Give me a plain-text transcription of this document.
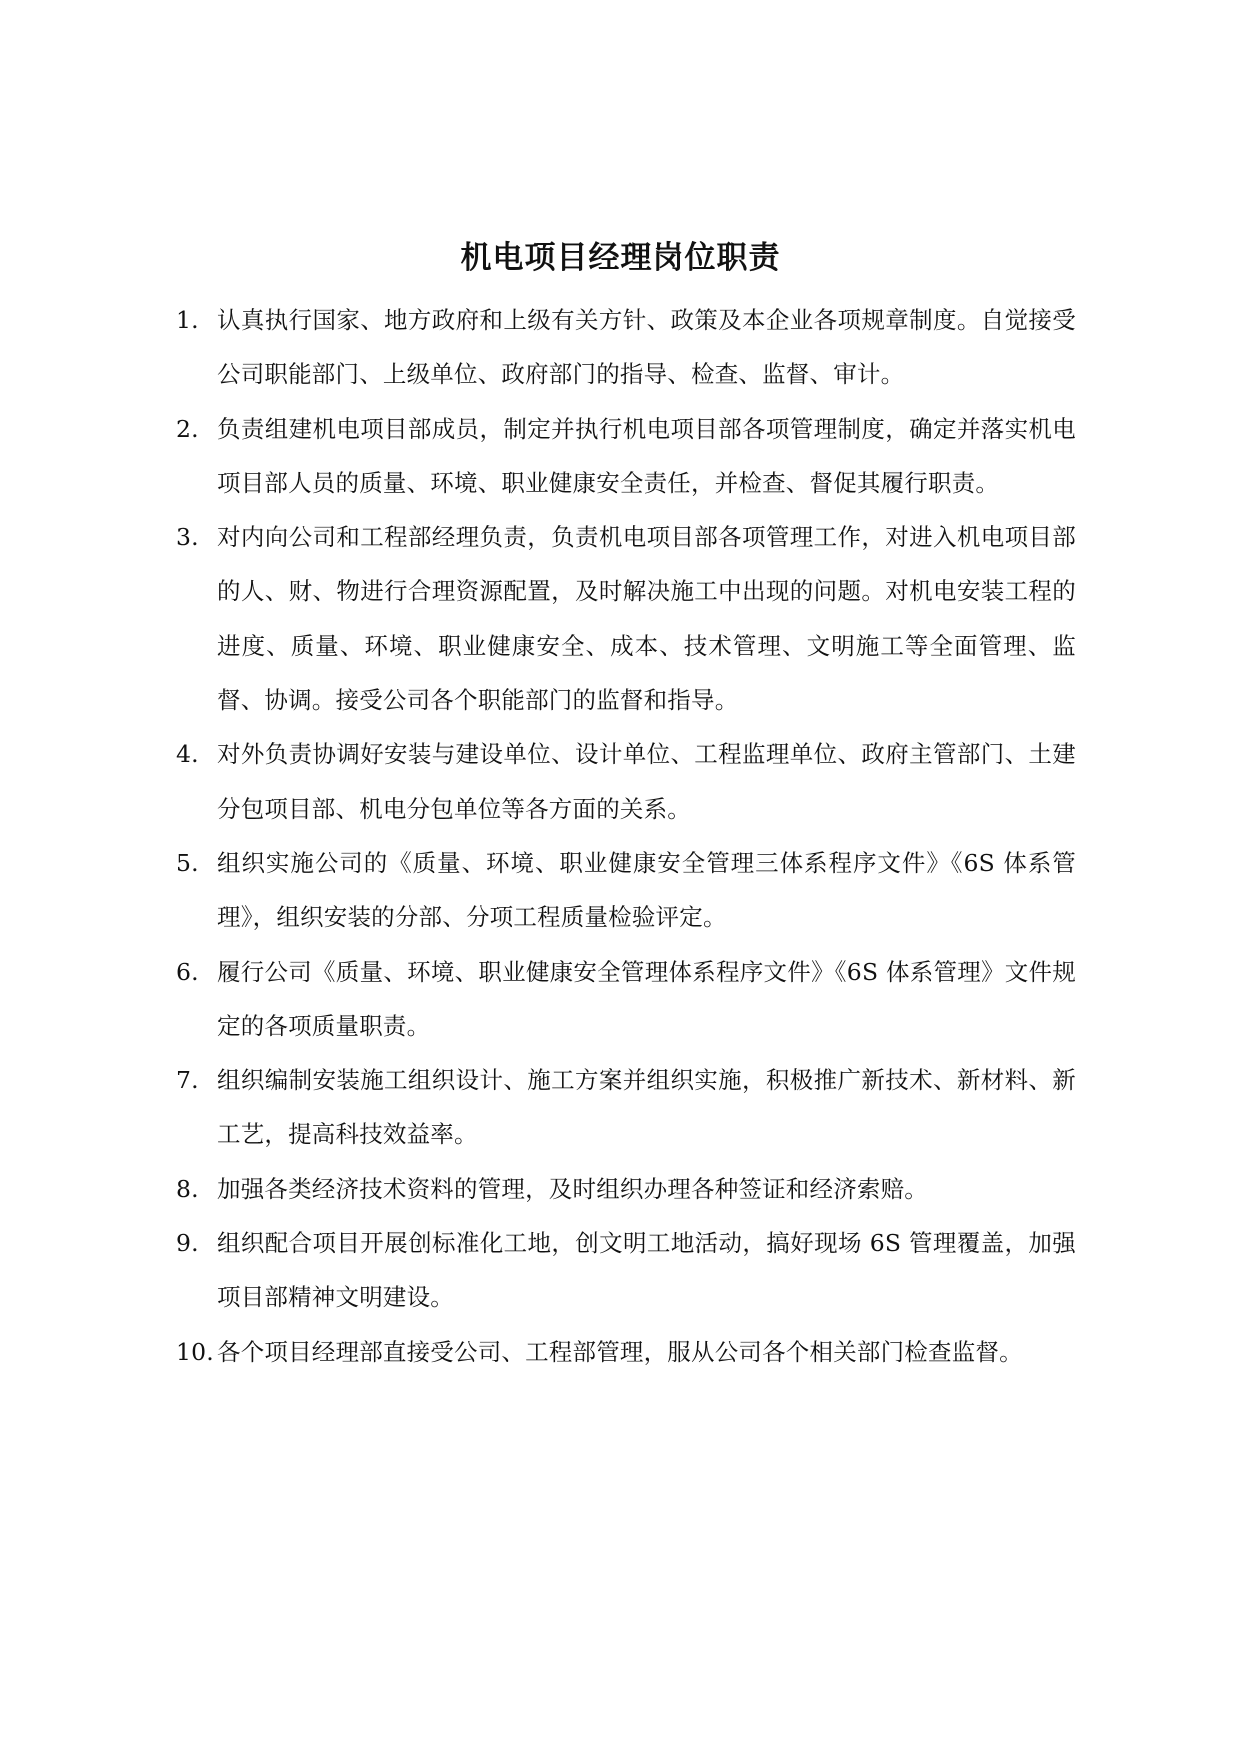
机电项目经理岗位职责
1. 认真执行国家、地方政府和上级有关方针、政策及本企业各项规章制度。自觉接受公司职能部门、上级单位、政府部门的指导、检查、监督、审计。
2. 负责组建机电项目部成员，制定并执行机电项目部各项管理制度，确定并落实机电项目部人员的质量、环境、职业健康安全责任，并检查、督促其履行职责。
3. 对内向公司和工程部经理负责，负责机电项目部各项管理工作，对进入机电项目部的人、财、物进行合理资源配置，及时解决施工中出现的问题。对机电安装工程的进度、质量、环境、职业健康安全、成本、技术管理、文明施工等全面管理、监督、协调。接受公司各个职能部门的监督和指导。
4. 对外负责协调好安装与建设单位、设计单位、工程监理单位、政府主管部门、土建分包项目部、机电分包单位等各方面的关系。
5. 组织实施公司的《质量、环境、职业健康安全管理三体系程序文件》《6S 体系管理》，组织安装的分部、分项工程质量检验评定。
6. 履行公司《质量、环境、职业健康安全管理体系程序文件》《6S 体系管理》文件规定的各项质量职责。
7. 组织编制安装施工组织设计、施工方案并组织实施，积极推广新技术、新材料、新工艺，提高科技效益率。
8. 加强各类经济技术资料的管理，及时组织办理各种签证和经济索赔。
9. 组织配合项目开展创标准化工地，创文明工地活动，搞好现场 6S 管理覆盖，加强项目部精神文明建设。
10. 各个项目经理部直接受公司、工程部管理，服从公司各个相关部门检查监督。
